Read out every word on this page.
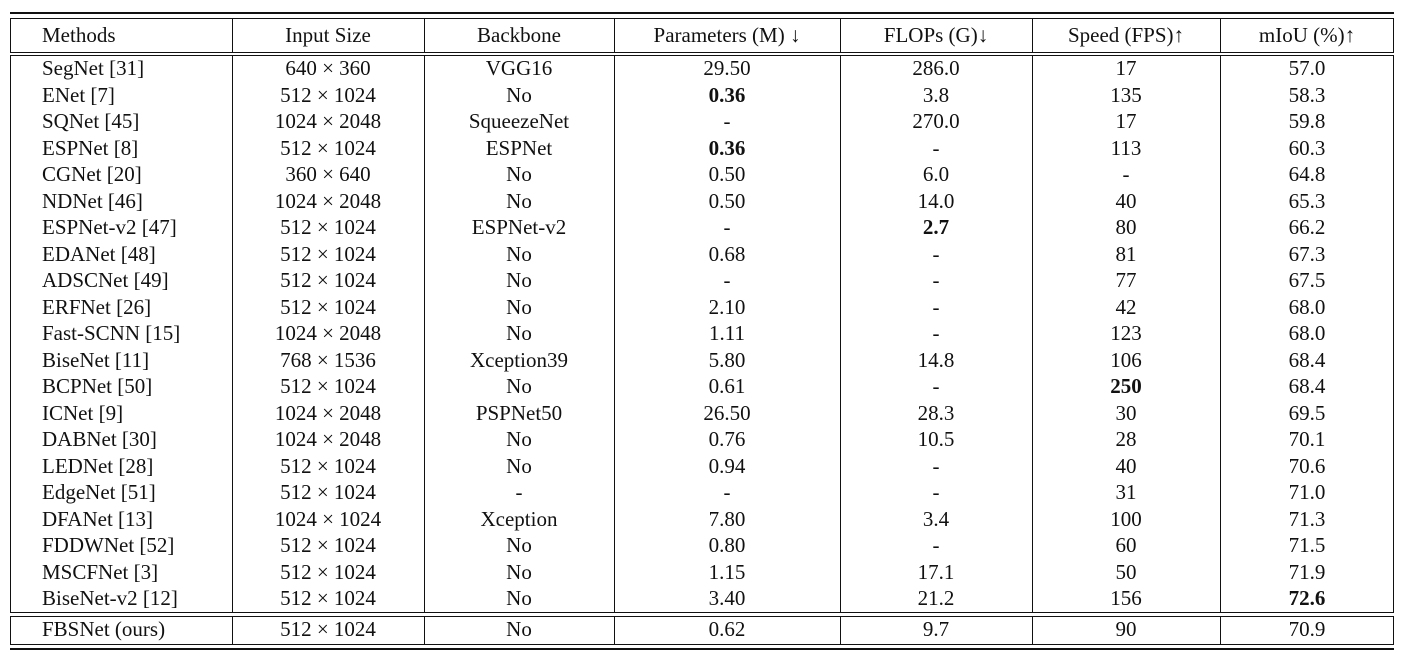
Methods	Input Size	Backbone	Parameters (M) ↓	FLOPs (G)↓	Speed (FPS)↑	mIoU (%)↑
SegNet [31]	640 × 360	VGG16	29.50	286.0	17	57.0
ENet [7]	512 × 1024	No	0.36	3.8	135	58.3
SQNet [45]	1024 × 2048	SqueezeNet	-	270.0	17	59.8
ESPNet [8]	512 × 1024	ESPNet	0.36	-	113	60.3
CGNet [20]	360 × 640	No	0.50	6.0	-	64.8
NDNet [46]	1024 × 2048	No	0.50	14.0	40	65.3
ESPNet-v2 [47]	512 × 1024	ESPNet-v2	-	2.7	80	66.2
EDANet [48]	512 × 1024	No	0.68	-	81	67.3
ADSCNet [49]	512 × 1024	No	-	-	77	67.5
ERFNet [26]	512 × 1024	No	2.10	-	42	68.0
Fast-SCNN [15]	1024 × 2048	No	1.11	-	123	68.0
BiseNet [11]	768 × 1536	Xception39	5.80	14.8	106	68.4
BCPNet [50]	512 × 1024	No	0.61	-	250	68.4
ICNet [9]	1024 × 2048	PSPNet50	26.50	28.3	30	69.5
DABNet [30]	1024 × 2048	No	0.76	10.5	28	70.1
LEDNet [28]	512 × 1024	No	0.94	-	40	70.6
EdgeNet [51]	512 × 1024	-	-	-	31	71.0
DFANet [13]	1024 × 1024	Xception	7.80	3.4	100	71.3
FDDWNet [52]	512 × 1024	No	0.80	-	60	71.5
MSCFNet [3]	512 × 1024	No	1.15	17.1	50	71.9
BiseNet-v2 [12]	512 × 1024	No	3.40	21.2	156	72.6
FBSNet (ours)	512 × 1024	No	0.62	9.7	90	70.9
